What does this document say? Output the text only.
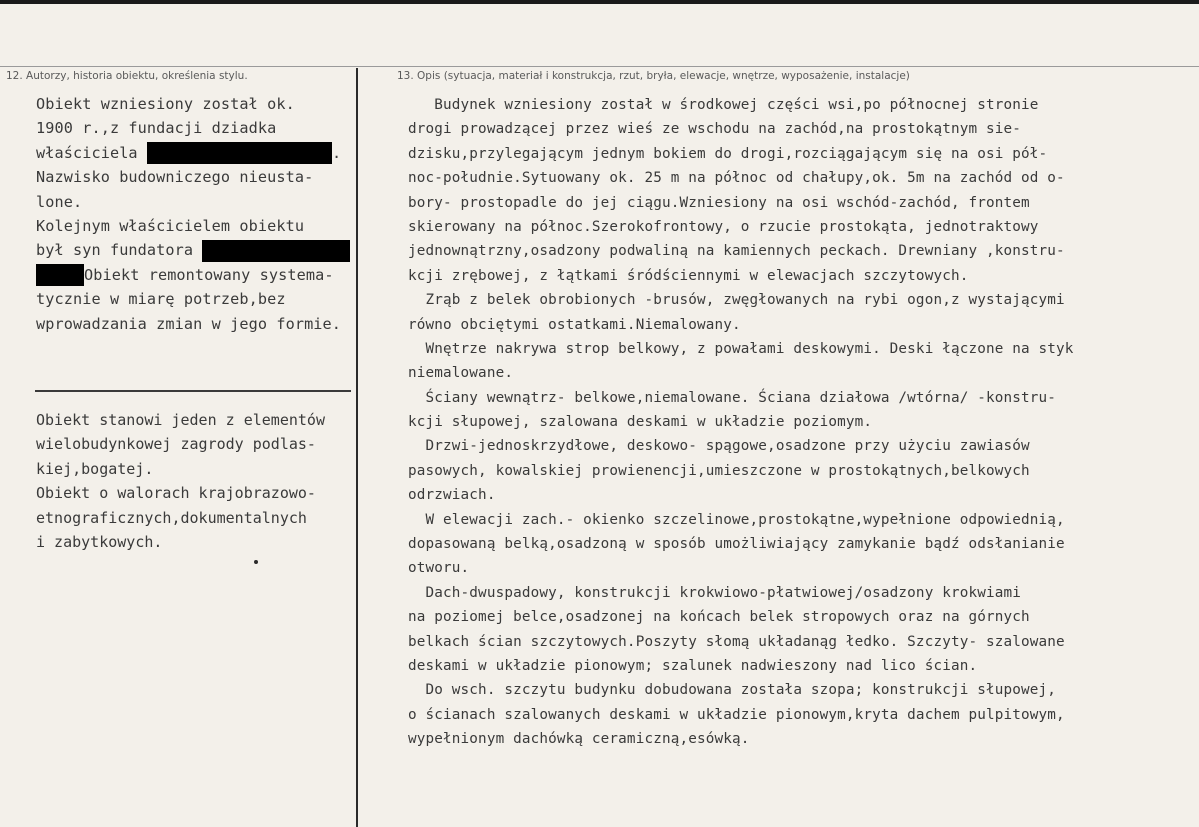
12. Autorzy, historia obiektu, określenia stylu.	13. Opis (sytuacja, materiał i konstrukcja, rzut, bryła, elewacje, wnętrze, wyposażenie, instalacje)
Obiekt wzniesiony został ok.
1900 r.,z fundacji dziadka
właściciela	.
Nazwisko budowniczego nieusta-
lone.
Kolejnym właścicielem obiektu
był syn fundatora
Obiekt remontowany systema-
tycznie w miarę potrzeb,bez
wprowadzania zmian w jego formie.
Obiekt stanowi jeden z elementów
wielobudynkowej zagrody podlas-
kiej,bogatej.
Obiekt o walorach krajobrazowo-
etnograficznych,dokumentalnych
i zabytkowych.
Budynek wzniesiony został w środkowej części wsi,po północnej stronie
drogi prowadzącej przez wieś ze wschodu na zachód,na prostokątnym sie-
dzisku,przylegającym jednym bokiem do drogi,rozciągającym się na osi pół-
noc-południe.Sytuowany ok. 25 m na północ od chałupy,ok. 5m na zachód od o-
bory- prostopadle do jej ciągu.Wzniesiony na osi wschód-zachód, frontem
skierowany na północ.Szerokofrontowy, o rzucie prostokąta, jednotraktowy
jednownątrzny,osadzony podwaliną na kamiennych peckach. Drewniany ,konstru-
kcji zrębowej, z łątkami śródściennymi w elewacjach szczytowych.
Zrąb z belek obrobionych -brusów, zwęgłowanych na rybi ogon,z wystającymi
równo obciętymi ostatkami.Niemalowany.
Wnętrze nakrywa strop belkowy, z powałami deskowymi. Deski łączone na styk
niemalowane.
Ściany wewnątrz- belkowe,niemalowane. Ściana działowa /wtórna/ -konstru-
kcji słupowej, szalowana deskami w układzie poziomym.
Drzwi-jednoskrzydłowe, deskowo- spągowe,osadzone przy użyciu zawiasów
pasowych, kowalskiej prowienencji,umieszczone w prostokątnych,belkowych
odrzwiach.
W elewacji zach.- okienko szczelinowe,prostokątne,wypełnione odpowiednią,
dopasowaną belką,osadzoną w sposób umożliwiający zamykanie bądź odsłanianie
otworu.
Dach-dwuspadowy, konstrukcji krokwiowo-płatwiowej/osadzony krokwiami
na poziomej belce,osadzonej na końcach belek stropowych oraz na górnych
belkach ścian szczytowych.Poszyty słomą układanąg łedko. Szczyty- szalowane
deskami w układzie pionowym; szalunek nadwieszony nad lico ścian.
Do wsch. szczytu budynku dobudowana została szopa; konstrukcji słupowej,
o ścianach szalowanych deskami w układzie pionowym,kryta dachem pulpitowym,
wypełnionym dachówką ceramiczną,esówką.
